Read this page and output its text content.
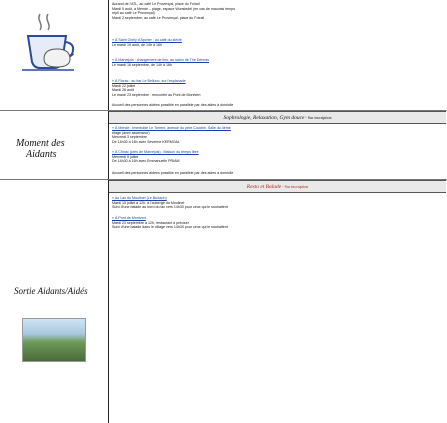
Moment des
Aidants
Sortie Aidants/Aidés

Aurand de l'ATL, au café Le Provençal, place du Foirail

Mardi 5 août, à Mende – plage, espace Wunsiedel (en cas de mauvais temps

repli au café Le Provençal)

Mardi 2 septembre, au café Le Provençal, place du Foirail

« À Saint Chély d'Apcher : au café du siècle

Le mardi 19 août, de 14h à 16h

« À Marvejols : changement de lieu, au salon de Thé Delmas

Le mardi 16 septembre, de 14h à 16h

« À Florac : au bar Le Belluno, sur l'esplanade

Mardi 22 juillet

Mardi 26 août

Le mardi 23 septembre : rencontre au Pont de Montvert

Accueil des personnes aidées possible en parallèle par des aides à domicile
Sophrologie, Relaxation, Gym douce - Sur inscription

« À Mende : Immeuble Le Torrent, avenue du père Coudrin. Salle du 4ème

étage (avec ascenseur)

Mercredi 3 septembre

De 14h30 à 16h avec Séverine KERMOAL

« À Chirac (près de Marvejols) : Maison du temps libre

Mercredi 9 juillet

De 14h30 à 16h avec Emmanuelle PRIAM

Accueil des personnes aidées possible en parallèle par des aides à domicile
Resto et Balade - Sur inscription

« Au Lac du Moulinet (Le Buisson)

Mardi 15 juillet à 12h, à l'auberge du Moulinet

Suivi d'une balade au bord du lac vers 14h30 pour ceux qui le souhaitent

« À Pont de Montvert

Mardi 23 septembre à 12h, restaurant à préciser

Suivi d'une balade dans le village vers 14h30 pour ceux qui le souhaitent
